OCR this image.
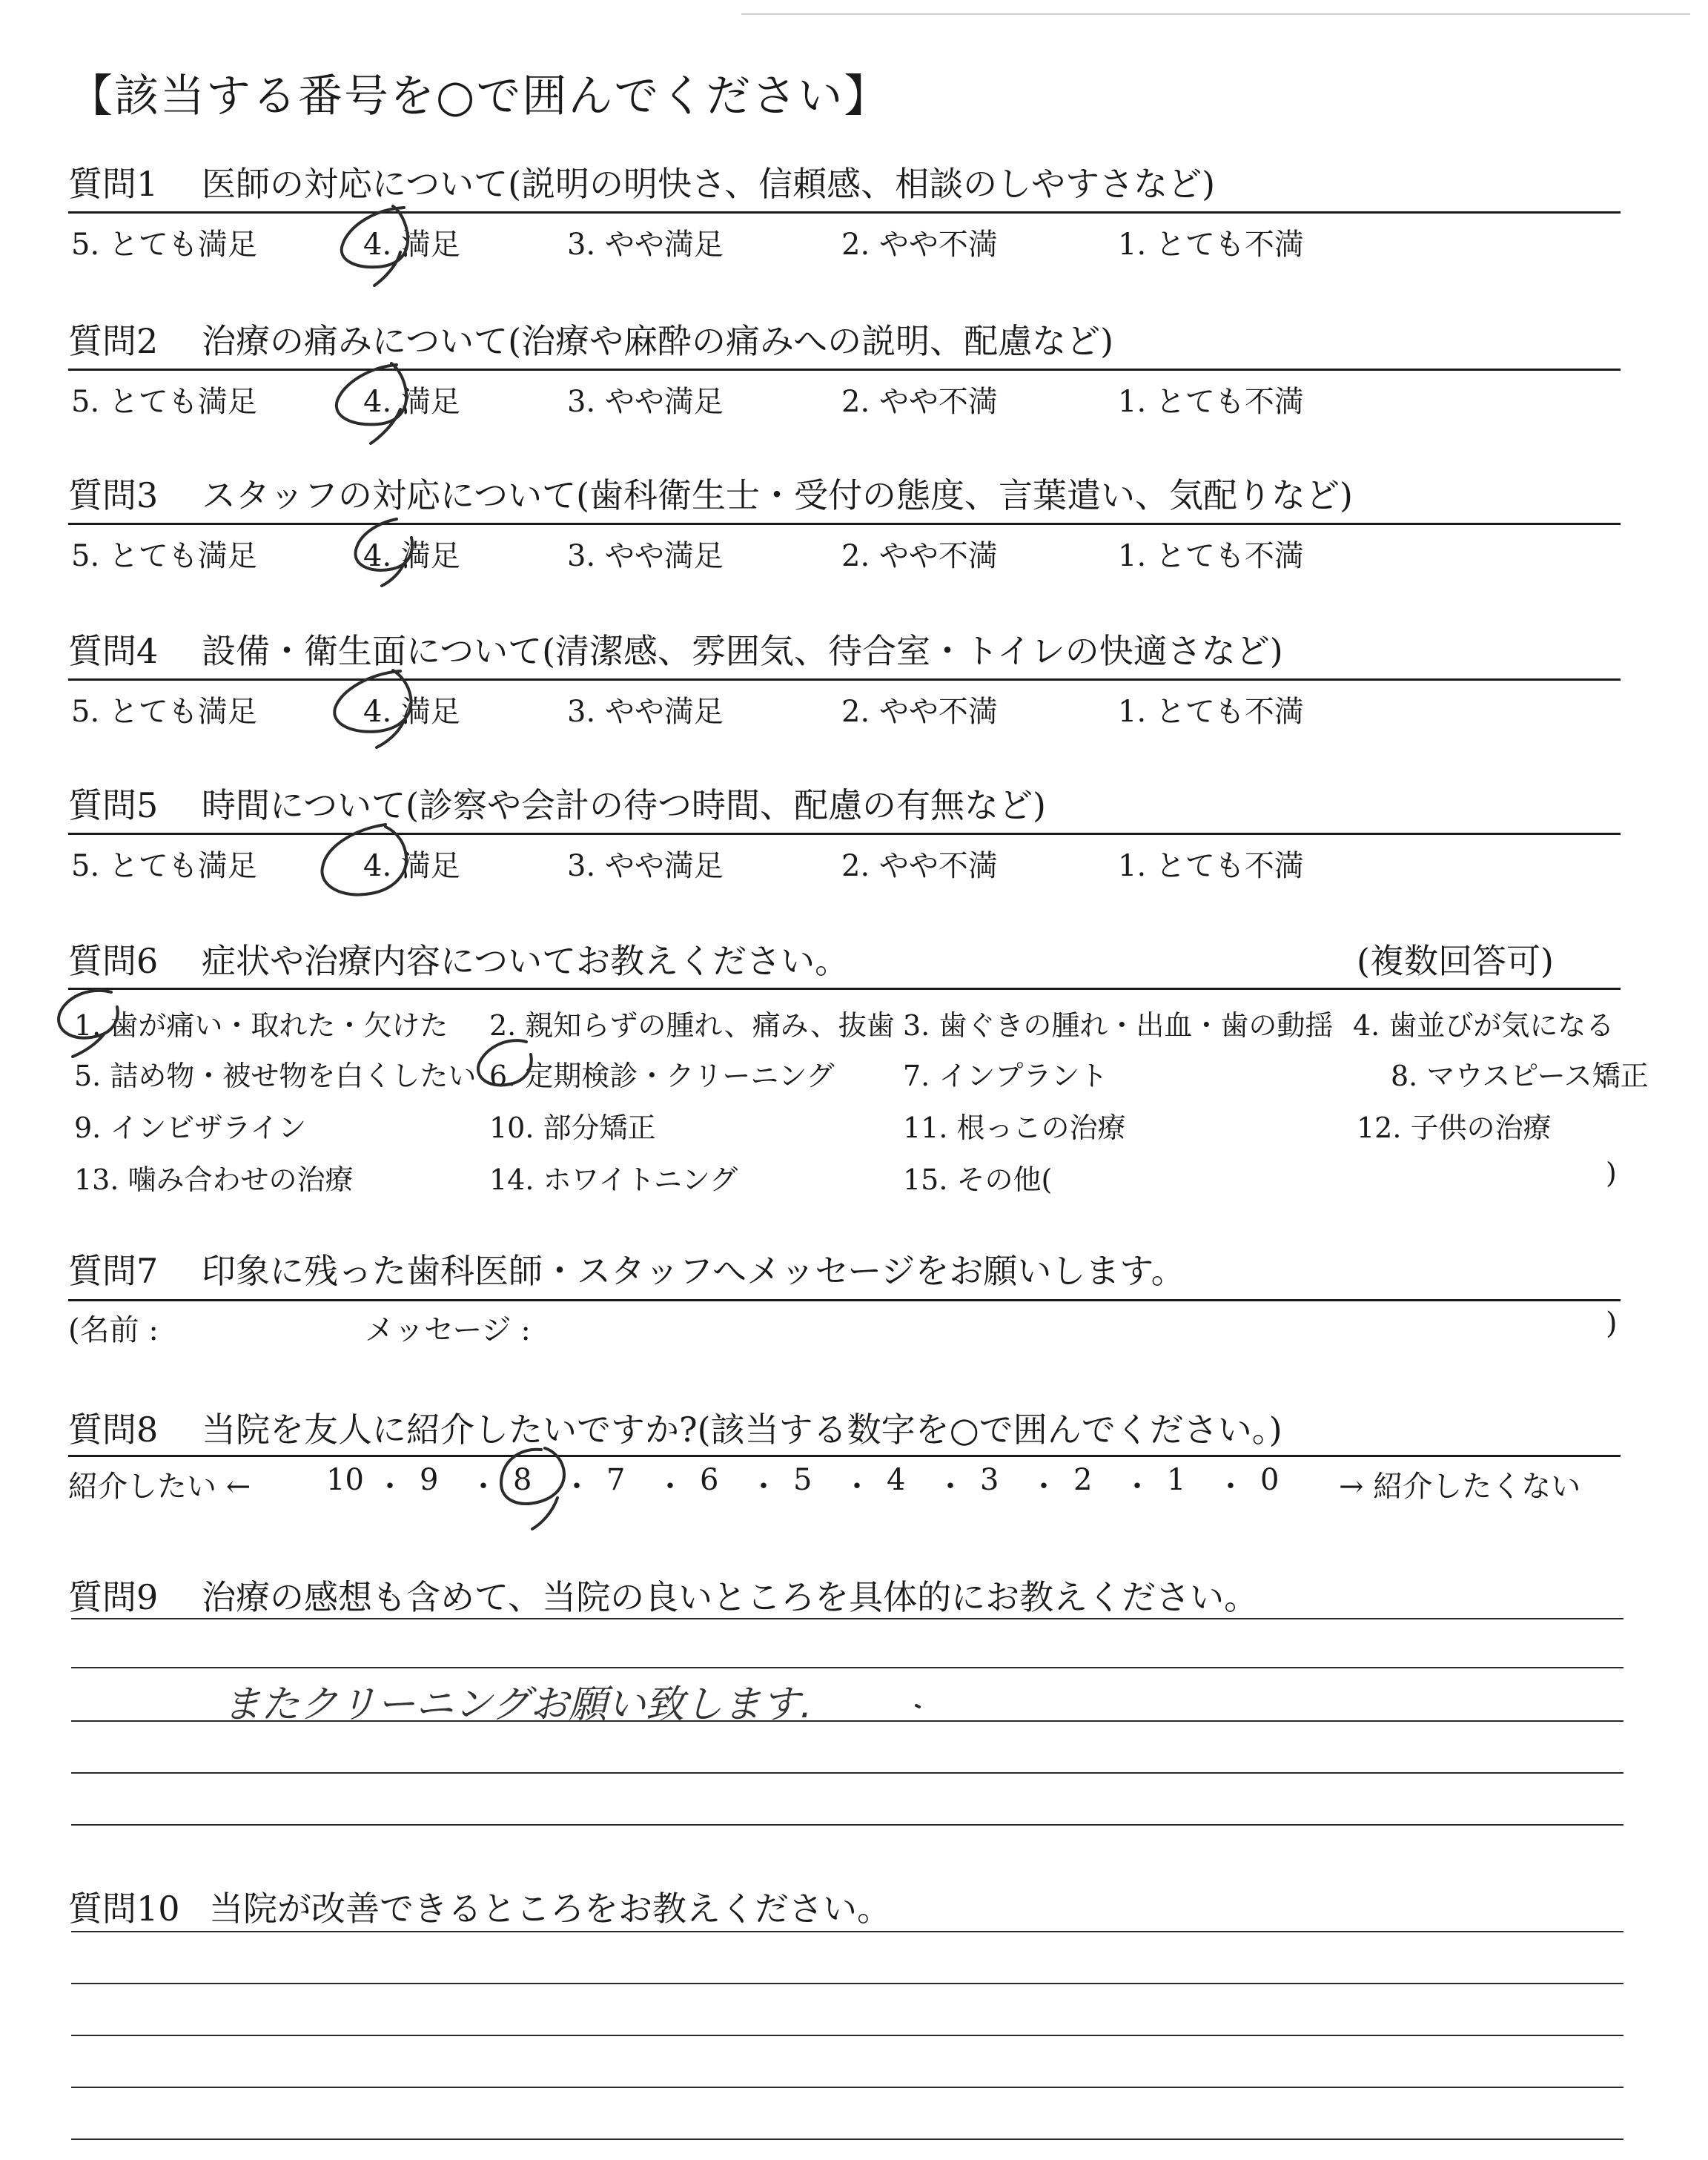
【該当する番号を○で囲んでください】
質問1 医師の対応について(説明の明快さ、信頼感、相談のしやすさなど)
5. とても満足	4. 満足	3. やや満足	2. やや不満	1. とても不満
質問2 治療の痛みについて(治療や麻酔の痛みへの説明、配慮など)
5. とても満足	4. 満足	3. やや満足	2. やや不満	1. とても不満
質問3 スタッフの対応について(歯科衛生士・受付の態度、言葉遣い、気配りなど)
5. とても満足	4. 満足	3. やや満足	2. やや不満	1. とても不満
質問4 設備・衛生面について(清潔感、雰囲気、待合室・トイレの快適さなど)
5. とても満足	4. 満足	3. やや満足	2. やや不満	1. とても不満
質問5 時間について(診察や会計の待つ時間、配慮の有無など)
5. とても満足	4. 満足	3. やや満足	2. やや不満	1. とても不満
質問6 症状や治療内容についてお教えください。	(複数回答可)
1. 歯が痛い・取れた・欠けた 2. 親知らずの腫れ、痛み、抜歯 3. 歯ぐきの腫れ・出血・歯の動揺 4. 歯並びが気になる
5. 詰め物・被せ物を白くしたい 6. 定期検診・クリーニング 7. インプラント	8. マウスピース矯正
9. インビザライン	10. 部分矯正	11. 根っこの治療	12. 子供の治療
13. 噛み合わせの治療	14. ホワイトニング	15. その他(	)
質問7 印象に残った歯科医師・スタッフへメッセージをお願いします。
(名前 :	メッセージ :	)
質問8 当院を友人に紹介したいですか?(該当する数字を○で囲んでください。)
紹介したい ←	→ 紹介したくない
10 ・ 9 ・ 8 ・ 7 ・ 6 ・ 5 ・ 4 ・ 3 ・ 2 ・ 1 ・ 0
質問9 治療の感想も含めて、当院の良いところを具体的にお教えください。
またクリーニングお願い致します.
質問10 当院が改善できるところをお教えください。
